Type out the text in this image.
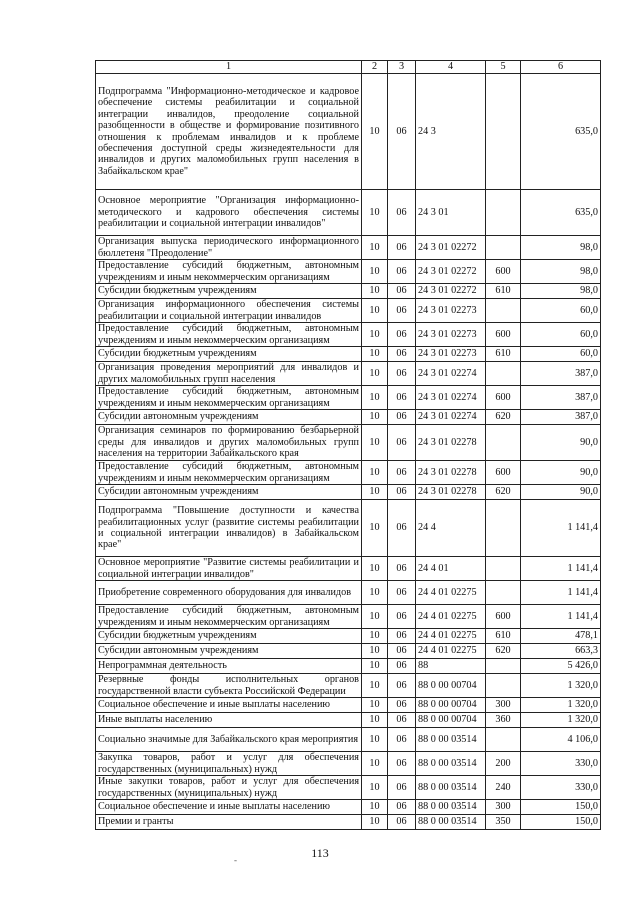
1	2	3	4	5	6
Подпрограмма "Информационно-методическое и кадровое обеспечение системы реабилитации и социальной интеграции инвалидов, преодоление социальной разобщенности в обществе и формирование позитивного отношения к проблемам инвалидов и к проблеме обеспечения доступной среды жизнедеятельности для инвалидов и других маломобильных групп населения в Забайкальском крае"	10	06	24 3		635,0
Основное мероприятие "Организация информационно-методического и кадрового обеспечения системы реабилитации и социальной интеграции инвалидов"	10	06	24 3 01		635,0
Организация выпуска периодического информационного бюллетеня "Преодоление"	10	06	24 3 01 02272		98,0
Предоставление субсидий бюджетным, автономным учреждениям и иным некоммерческим организациям	10	06	24 3 01 02272	600	98,0
Субсидии бюджетным учреждениям	10	06	24 3 01 02272	610	98,0
Организация информационного обеспечения системы реабилитации и социальной интеграции инвалидов	10	06	24 3 01 02273		60,0
Предоставление субсидий бюджетным, автономным учреждениям и иным некоммерческим организациям	10	06	24 3 01 02273	600	60,0
Субсидии бюджетным учреждениям	10	06	24 3 01 02273	610	60,0
Организация проведения мероприятий для инвалидов и других маломобильных групп населения	10	06	24 3 01 02274		387,0
Предоставление субсидий бюджетным, автономным учреждениям и иным некоммерческим организациям	10	06	24 3 01 02274	600	387,0
Субсидии автономным учреждениям	10	06	24 3 01 02274	620	387,0
Организация семинаров по формированию безбарьерной среды для инвалидов и других маломобильных групп населения на территории Забайкальского края	10	06	24 3 01 02278		90,0
Предоставление субсидий бюджетным, автономным учреждениям и иным некоммерческим организациям	10	06	24 3 01 02278	600	90,0
Субсидии автономным учреждениям	10	06	24 3 01 02278	620	90,0
Подпрограмма "Повышение доступности и качества реабилитационных услуг (развитие системы реабилитации и социальной интеграции инвалидов) в Забайкальском крае"	10	06	24 4		1 141,4
Основное мероприятие "Развитие системы реабилитации и социальной интеграции инвалидов"	10	06	24 4 01		1 141,4
Приобретение современного оборудования для инвалидов	10	06	24 4 01 02275		1 141,4
Предоставление субсидий бюджетным, автономным учреждениям и иным некоммерческим организациям	10	06	24 4 01 02275	600	1 141,4
Субсидии бюджетным учреждениям	10	06	24 4 01 02275	610	478,1
Субсидии автономным учреждениям	10	06	24 4 01 02275	620	663,3
Непрограммная деятельность	10	06	88		5 426,0
Резервные фонды исполнительных органов государственной власти субъекта Российской Федерации	10	06	88 0 00 00704		1 320,0
Социальное обеспечение и иные выплаты населению	10	06	88 0 00 00704	300	1 320,0
Иные выплаты населению	10	06	88 0 00 00704	360	1 320,0
Социально значимые для Забайкальского края мероприятия	10	06	88 0 00 03514		4 106,0
Закупка товаров, работ и услуг для обеспечения государственных (муниципальных) нужд	10	06	88 0 00 03514	200	330,0
Иные закупки товаров, работ и услуг для обеспечения государственных (муниципальных) нужд	10	06	88 0 00 03514	240	330,0
Социальное обеспечение и иные выплаты населению	10	06	88 0 00 03514	300	150,0
Премии и гранты	10	06	88 0 00 03514	350	150,0
-	113
